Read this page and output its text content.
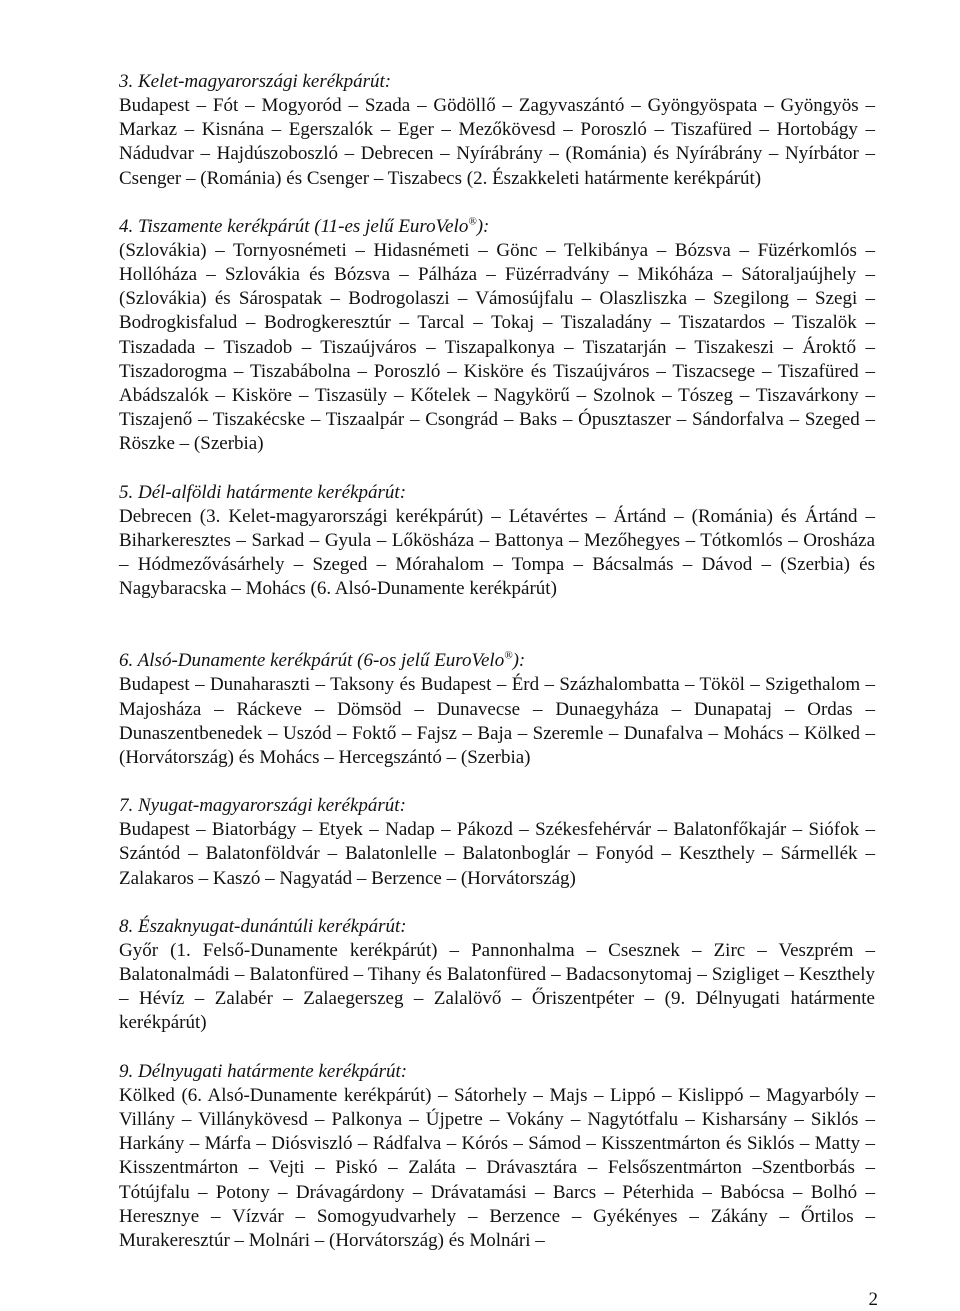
3. Kelet-magyarországi kerékpárút:

Budapest – Fót – Mogyoród – Szada – Gödöllő – Zagyvaszántó – Gyöngyöspata – Gyöngyös – Markaz – Kisnána – Egerszalók – Eger – Mezőkövesd – Poroszló – Tiszafüred – Hortobágy – Nádudvar – Hajdúszoboszló – Debrecen – Nyírábrány – (Románia) és Nyírábrány – Nyírbátor – Csenger – (Románia) és Csenger – Tiszabecs (2. Északkeleti határmente kerékpárút)

4. Tiszamente kerékpárút (11-es jelű EuroVelo®):

(Szlovákia) – Tornyosnémeti – Hidasnémeti – Gönc – Telkibánya – Bózsva – Füzérkomlós – Hollóháza – Szlovákia és Bózsva – Pálháza – Füzérradvány – Mikóháza – Sátoraljaújhely – (Szlovákia) és Sárospatak – Bodrogolaszi – Vámosújfalu – Olaszliszka – Szegilong – Szegi – Bodrogkisfalud – Bodrogkeresztúr – Tarcal – Tokaj – Tiszaladány – Tiszatardos – Tiszalök – Tiszadada – Tiszadob – Tiszaújváros – Tiszapalkonya – Tiszatarján – Tiszakeszi – Ároktő – Tiszadorogma – Tiszabábolna – Poroszló – Kisköre és Tiszaújváros – Tiszacsege – Tiszafüred – Abádszalók – Kisköre – Tiszasüly – Kőtelek – Nagykörű – Szolnok – Tószeg – Tiszavárkony – Tiszajenő – Tiszakécske – Tiszaalpár – Csongrád – Baks – Ópusztaszer – Sándorfalva – Szeged – Röszke – (Szerbia)

5. Dél-alföldi határmente kerékpárút:

Debrecen (3. Kelet-magyarországi kerékpárút) – Létavértes – Ártánd – (Románia) és Ártánd – Biharkeresztes – Sarkad – Gyula – Lőkösháza – Battonya – Mezőhegyes – Tótkomlós – Orosháza – Hódmezővásárhely – Szeged – Mórahalom – Tompa – Bácsalmás – Dávod – (Szerbia) és Nagybaracska – Mohács (6. Alsó-Dunamente kerékpárút)

6. Alsó-Dunamente kerékpárút (6-os jelű EuroVelo®):

Budapest – Dunaharaszti – Taksony és Budapest – Érd – Százhalombatta – Tököl – Szigethalom – Majosháza – Ráckeve – Dömsöd – Dunavecse – Dunaegyháza – Dunapataj – Ordas – Dunaszentbenedek – Uszód – Foktő – Fajsz – Baja – Szeremle – Dunafalva – Mohács – Kölked – (Horvátország) és Mohács – Hercegszántó – (Szerbia)

7. Nyugat-magyarországi kerékpárút:

Budapest – Biatorbágy – Etyek – Nadap – Pákozd – Székesfehérvár – Balatonfőkajár – Siófok – Szántód – Balatonföldvár – Balatonlelle – Balatonboglár – Fonyód – Keszthely – Sármellék – Zalakaros – Kaszó – Nagyatád – Berzence – (Horvátország)

8. Északnyugat-dunántúli kerékpárút:

Győr (1. Felső-Dunamente kerékpárút) – Pannonhalma – Csesznek – Zirc – Veszprém – Balatonalmádi – Balatonfüred – Tihany és Balatonfüred – Badacsonytomaj – Szigliget – Keszthely – Hévíz – Zalabér – Zalaegerszeg – Zalalövő – Őriszentpéter – (9. Délnyugati határmente kerékpárút)

9. Délnyugati határmente kerékpárút:

Kölked (6. Alsó-Dunamente kerékpárút) – Sátorhely – Majs – Lippó – Kislippó – Magyarbóly – Villány – Villánykövesd – Palkonya – Újpetre – Vokány – Nagytótfalu – Kisharsány – Siklós – Harkány – Márfa – Diósviszló – Rádfalva – Kórós – Sámod – Kisszentmárton és Siklós – Matty – Kisszentmárton – Vejti – Piskó – Zaláta – Drávasztára – Felsőszentmárton –Szentborbás – Tótújfalu – Potony – Drávagárdony – Drávatamási – Barcs – Péterhida – Babócsa – Bolhó – Heresznye – Vízvár – Somogyudvarhely – Berzence – Gyékényes – Zákány – Őrtilos – Murakeresztúr – Molnári – (Horvátország) és Molnári –

2
